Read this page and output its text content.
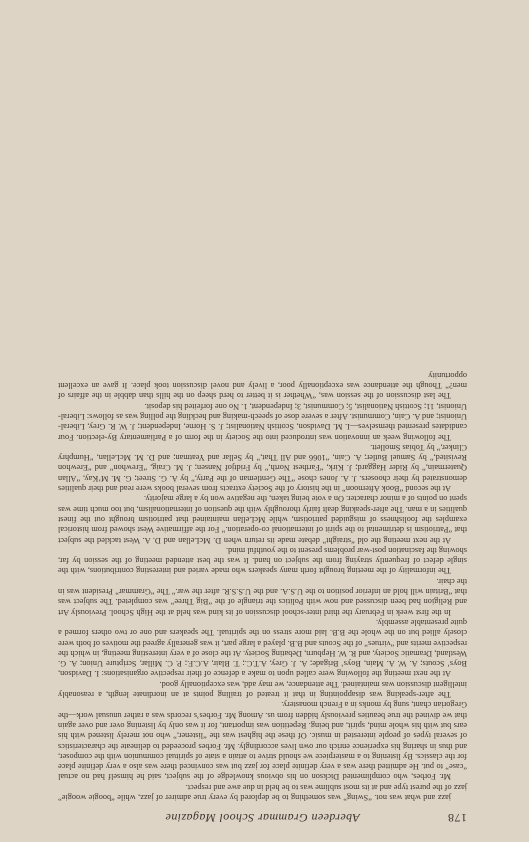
178
Aberdeen Grammar School Magazine

jazz and what was not. “Swing” was something to be deplored by every true admirer of jazz, while “boogie woogie” jazz of the purest type and at its most sublime was to be held in due awe and respect.

Mr. Forbes, who complimented Dickson on his obvious knowledge of the subject, said he himself had no actual “case” to put. He admitted there was a very definite place for jazz but was convinced there was also a very definite place for the classics. By listening to a masterpiece we should strive to attain a state of spiritual communion with the composer, and thus in sharing his experience enrich our own lives accordingly. Mr. Forbes proceeded to delineate the characteristics of several types of people interested in music. Of these the highest was the “listener,” who not merely listened with his ears but with his whole mind, spirit, and being. Repetition was important, for it was only by listening over and over again that we divined the true beauties previously hidden from us. Among Mr. Forbes’s records was a rather unusual work—the Gregorian chant, sung by monks in a French monastery.

The after-speaking was disappointing in that it treated of trailing points at an inordinate length, a reasonably intelligent discussion was maintained. The attendance, we may add, was exceptionally good.

At the next meeting the following were called upon to make a defence of their respective organisations: I. Davidson, Boys’ Scouts; A. W. A. Main, Boys’ Brigade; A. J. Grey, A.T.C.; T. Blair, A.C.F.; P. C. Millar, Scripture Union; A. G. Westland, Dramatic Society, and R. W. Hepburn, Debating Society. At the close of a very interesting meeting, in which the respective merits and “virtues” of the Scouts and B.B. played a large part, it was generally agreed the motives of both were closely allied but on the whole the B.B. laid more stress on the spiritual. The speakers and one or two others formed a quite presentable assembly.

In the first week in February the third inter-school discussion of its kind was held at the High School. Previously Art and Religion had been discussed and now with Politics the triangle of the “Big Three” was completed. The subject was that “Britain will hold an inferior position to the U.S.A. and the U.S.S.R. after the war.” The “Grammar” President was in the chair.

The informality of the meeting brought forth many speakers who made varied and interesting contributions, with the single defect of frequently straying from the subject on hand. It was the best attended meeting of the session by far, showing the fascination post-war problems present to the youthful mind.

At the next meeting the old “straight” debate made its return when D. McLellan and D. A. West tackled the subject that “Patriotism is detrimental to the spirit of international co-operation.” For the affirmative West showed from historical examples the foolishness of misguided patriotism, while McLellan maintained that patriotism brought out the finest qualities in a man. The after-speaking dealt fairly thoroughly with the question of internationalism, but too much time was spent on points of a minor character. On a vote being taken, the negative won by a large majority.

At the second “Book Afternoon” in the history of the Society extracts from several books were read and their qualities demonstrated by their choosers. J. A. Jones chose “The Gentleman of the Party,” by A. G. Street; G. M. M‘Kay, “Allan Quatermain,” by Rider Haggard; J. Kirk, “Farthest North,” by Fridtjof Nansen; J. M. Craig, “Erewhon” and “Erewhon Revisited,” by Samuel Butler; A. Cain, “1066 and All That,” by Sellar and Yeatman; and D. M. McLellan, “Humphry Clinker,” by Tobias Smollett.

The following week an innovation was introduced into the Society in the form of a Parliamentary By-election. Four candidates presented themselves—I. M. Davidson, Scottish Nationalist; J. S. Horne, Independent; J. W. R. Grey, Liberal-Unionist; and A. Cain, Communist. After a severe dose of speech-making and heckling the polling was as follows: Liberal-Unionist, 11; Scottish Nationalist, 5; Communist, 3; Independent, 1. No one forfeited his deposit.

The last discussion of the session was, “Whether is it better to herd sheep on the hills than dabble in the affairs of men?” Though the attendance was exceptionally poor, a lively and novel discussion took place. It gave an excellent opportunity
